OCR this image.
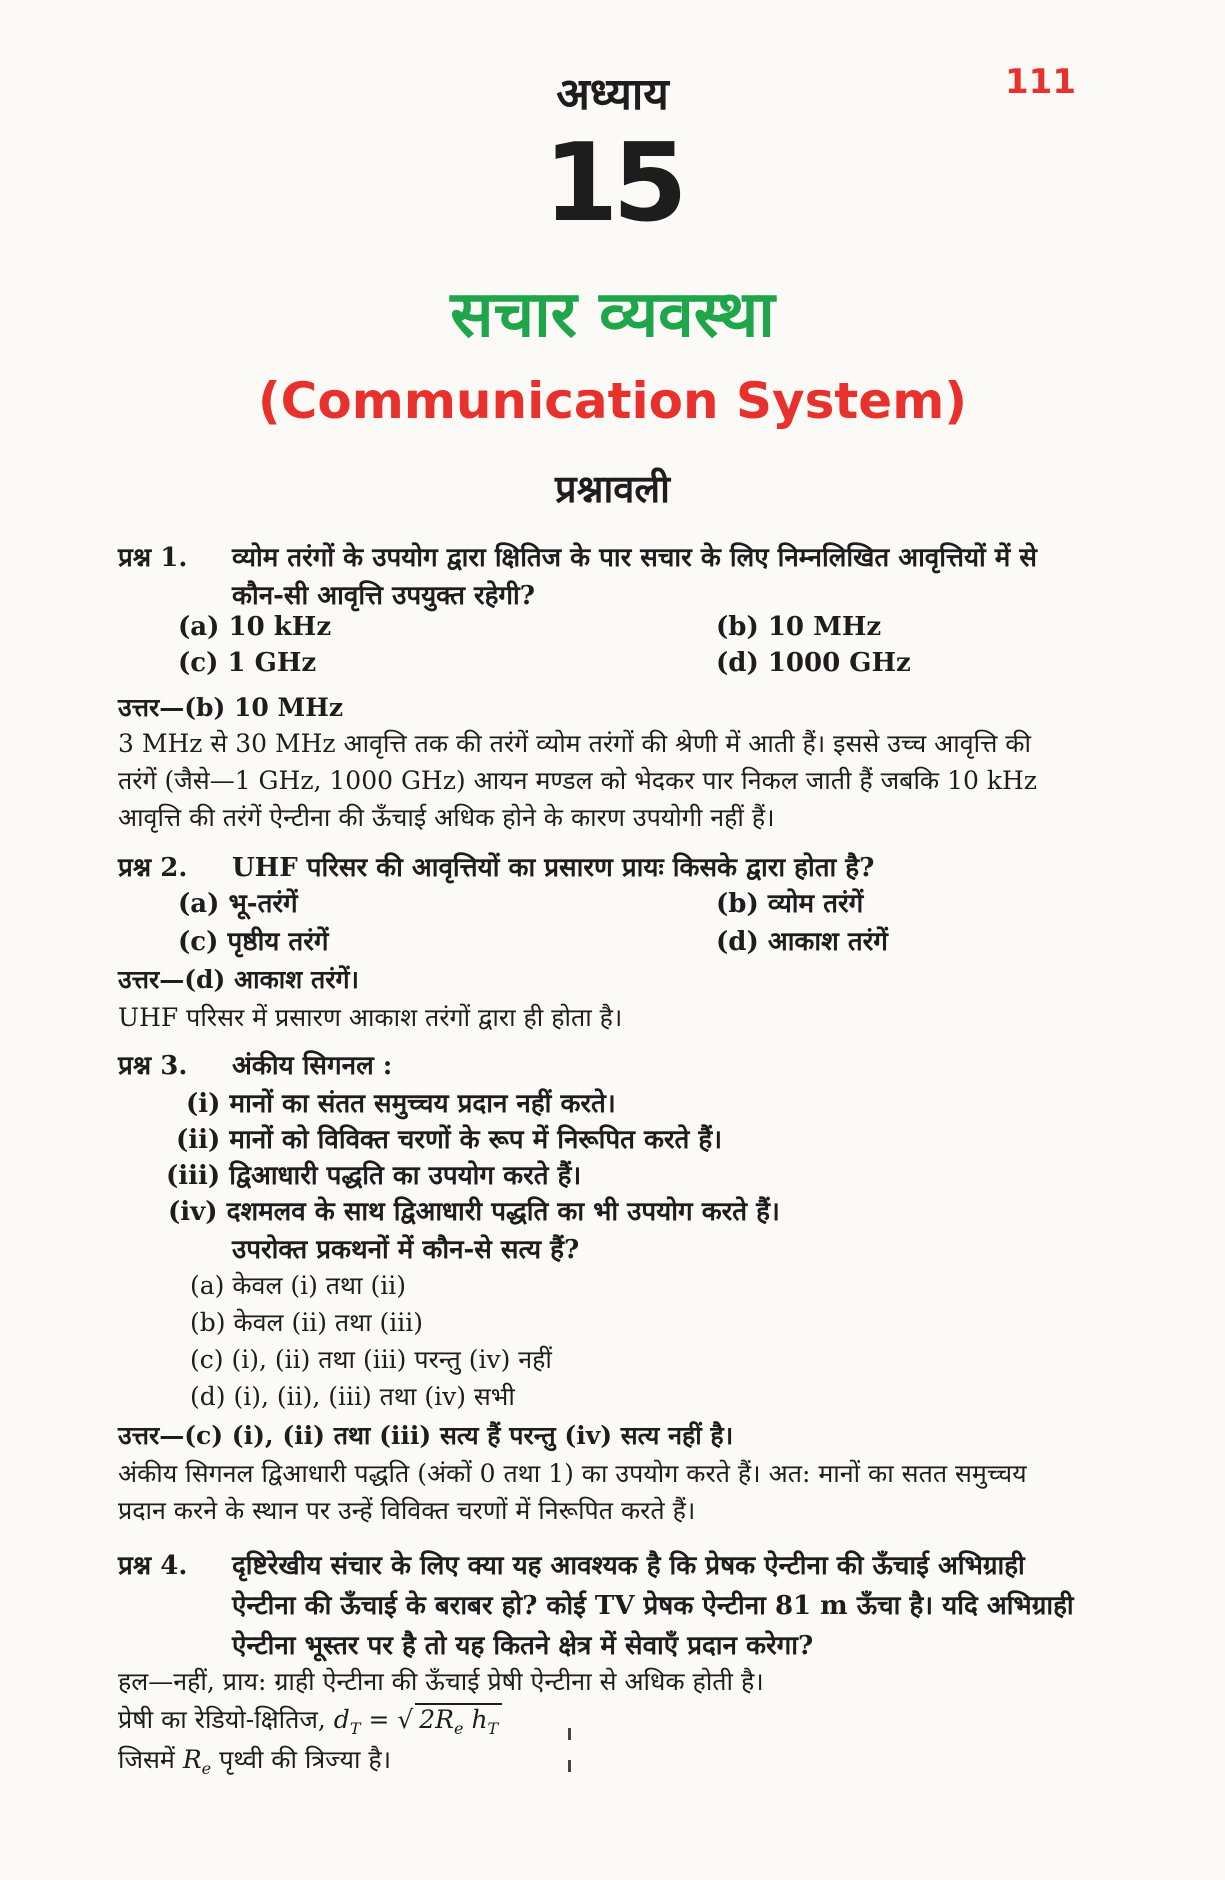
111
अध्याय
15
सचार व्यवस्था
(Communication System)
प्रश्नावली
प्रश्न 1. व्योम तरंगों के उपयोग द्वारा क्षितिज के पार सचार के लिए निम्नलिखित आवृत्तियों में से
कौन-सी आवृत्ति उपयुक्त रहेगी?
(a) 10 kHz	(b) 10 MHz
(c) 1 GHz	(d) 1000 GHz
उत्तर—(b) 10 MHz
3 MHz से 30 MHz आवृत्ति तक की तरंगें व्योम तरंगों की श्रेणी में आती हैं। इससे उच्च आवृत्ति की
तरंगें (जैसे—1 GHz, 1000 GHz) आयन मण्डल को भेदकर पार निकल जाती हैं जबकि 10 kHz
आवृत्ति की तरंगें ऐन्टीना की ऊँचाई अधिक होने के कारण उपयोगी नहीं हैं।
प्रश्न 2. UHF परिसर की आवृत्तियों का प्रसारण प्रायः किसके द्वारा होता है?
(a) भू-तरंगें	(b) व्योम तरंगें
(c) पृष्ठीय तरंगें	(d) आकाश तरंगें
उत्तर—(d) आकाश तरंगें।
UHF परिसर में प्रसारण आकाश तरंगों द्वारा ही होता है।
प्रश्न 3. अंकीय सिगनल :
(i) मानों का संतत समुच्चय प्रदान नहीं करते।
(ii) मानों को विविक्त चरणों के रूप में निरूपित करते हैं।
(iii) द्विआधारी पद्धति का उपयोग करते हैं।
(iv) दशमलव के साथ द्विआधारी पद्धति का भी उपयोग करते हैं।
उपरोक्त प्रकथनों में कौन-से सत्य हैं?
(a) केवल (i) तथा (ii)
(b) केवल (ii) तथा (iii)
(c) (i), (ii) तथा (iii) परन्तु (iv) नहीं
(d) (i), (ii), (iii) तथा (iv) सभी
उत्तर—(c) (i), (ii) तथा (iii) सत्य हैं परन्तु (iv) सत्य नहीं है।
अंकीय सिगनल द्विआधारी पद्धति (अंकों 0 तथा 1) का उपयोग करते हैं। अत: मानों का सतत समुच्चय
प्रदान करने के स्थान पर उन्हें विविक्त चरणों में निरूपित करते हैं।
प्रश्न 4. दृष्टिरेखीय संचार के लिए क्या यह आवश्यक है कि प्रेषक ऐन्टीना की ऊँचाई अभिग्राही
ऐन्टीना की ऊँचाई के बराबर हो? कोई TV प्रेषक ऐन्टीना 81 m ऊँचा है। यदि अभिग्राही
ऐन्टीना भूस्तर पर है तो यह कितने क्षेत्र में सेवाएँ प्रदान करेगा?
हल—नहीं, प्राय: ग्राही ऐन्टीना की ऊँचाई प्रेषी ऐन्टीना से अधिक होती है।
प्रेषी का रेडियो-क्षितिज, $d_T$ = √ $2R_e$ $h_T$
जिसमें $R_e$ पृथ्वी की त्रिज्या है।
